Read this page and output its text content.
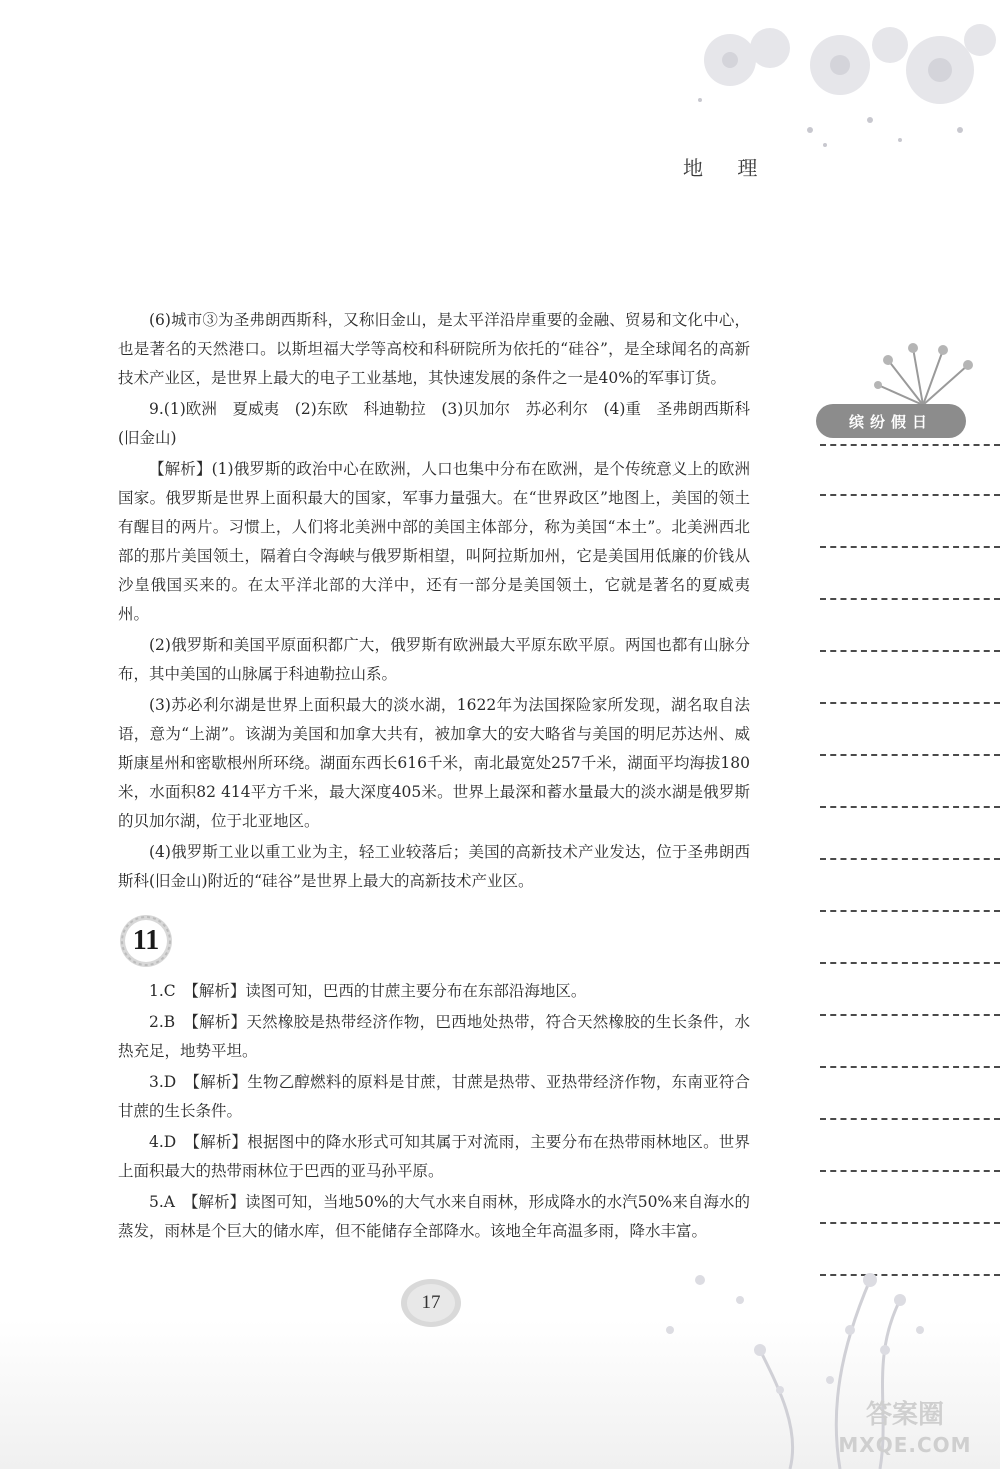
地 理

(6)城市③为圣弗朗西斯科，又称旧金山，是太平洋沿岸重要的金融、贸易和文化中心，也是著名的天然港口。以斯坦福大学等高校和科研院所为依托的“硅谷”，是全球闻名的高新技术产业区，是世界上最大的电子工业基地，其快速发展的条件之一是40%的军事订货。

9.(1)欧洲　夏威夷　(2)东欧　科迪勒拉　(3)贝加尔　苏必利尔　(4)重　圣弗朗西斯科(旧金山)

【解析】(1)俄罗斯的政治中心在欧洲，人口也集中分布在欧洲，是个传统意义上的欧洲国家。俄罗斯是世界上面积最大的国家，军事力量强大。在“世界政区”地图上，美国的领土有醒目的两片。习惯上，人们将北美洲中部的美国主体部分，称为美国“本土”。北美洲西北部的那片美国领土，隔着白令海峡与俄罗斯相望，叫阿拉斯加州，它是美国用低廉的价钱从沙皇俄国买来的。在太平洋北部的大洋中，还有一部分是美国领土，它就是著名的夏威夷州。

(2)俄罗斯和美国平原面积都广大，俄罗斯有欧洲最大平原东欧平原。两国也都有山脉分布，其中美国的山脉属于科迪勒拉山系。

(3)苏必利尔湖是世界上面积最大的淡水湖，1622年为法国探险家所发现，湖名取自法语，意为“上湖”。该湖为美国和加拿大共有，被加拿大的安大略省与美国的明尼苏达州、威斯康星州和密歇根州所环绕。湖面东西长616千米，南北最宽处257千米，湖面平均海拔180米，水面积82 414平方千米，最大深度405米。世界上最深和蓄水量最大的淡水湖是俄罗斯的贝加尔湖，位于北亚地区。

(4)俄罗斯工业以重工业为主，轻工业较落后；美国的高新技术产业发达，位于圣弗朗西斯科(旧金山)附近的“硅谷”是世界上最大的高新技术产业区。

11

1.C　【解析】读图可知，巴西的甘蔗主要分布在东部沿海地区。

2.B　【解析】天然橡胶是热带经济作物，巴西地处热带，符合天然橡胶的生长条件，水热充足，地势平坦。

3.D　【解析】生物乙醇燃料的原料是甘蔗，甘蔗是热带、亚热带经济作物，东南亚符合甘蔗的生长条件。

4.D　【解析】根据图中的降水形式可知其属于对流雨，主要分布在热带雨林地区。世界上面积最大的热带雨林位于巴西的亚马孙平原。

5.A　【解析】读图可知，当地50%的大气水来自雨林，形成降水的水汽50%来自海水的蒸发，雨林是个巨大的储水库，但不能储存全部降水。该地全年高温多雨，降水丰富。

缤纷假日
17
答案圈
MXQE.COM
